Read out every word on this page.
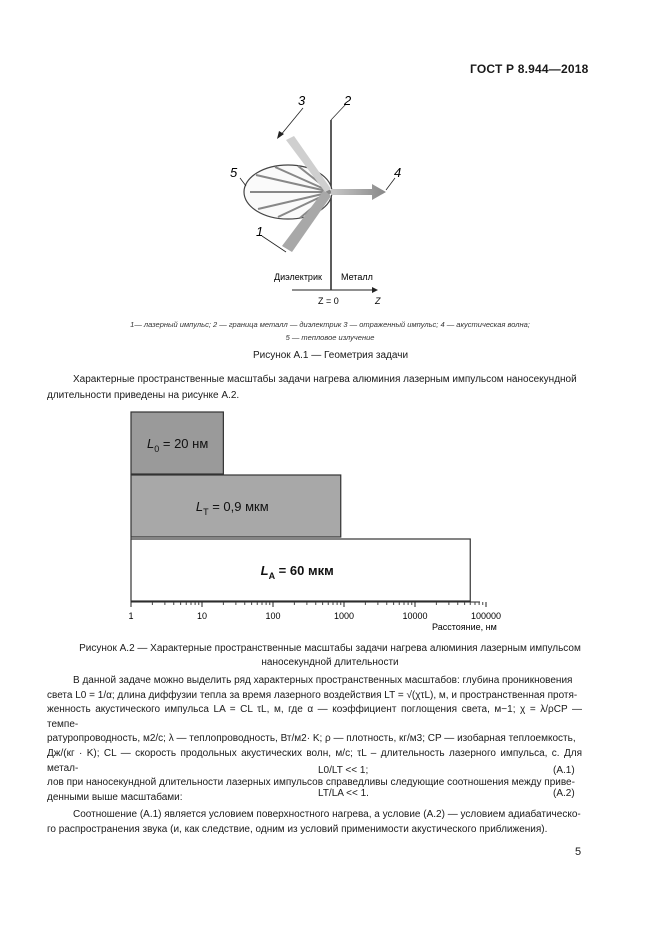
ГОСТ Р 8.944—2018
3	2
5	4
1
Диэлектрик Металл
Z = 0	Z
1— лазерный импульс; 2 — граница металл — диэлектрик 3 — отраженный импульс; 4 — акустическая волна;
5 — тепловое излучение
Рисунок А.1 — Геометрия задачи
Характерные пространственные масштабы задачи нагрева алюминия лазерным импульсом наносекундной
длительности приведены на рисунке А.2.
$L_0 = 20$ нм
$L_T = 0,9$ мкм
$L_A = 60$ мкм
1	10	100	1000	10000	100000
Расстояние, нм
Рисунок А.2 — Характерные пространственные масштабы задачи нагрева алюминия лазерным импульсом
наносекундной длительности
В данной задаче можно выделить ряд характерных пространственных масштабов: глубина проникновения
света L0 = 1/α; длина диффузии тепла за время лазерного воздействия LT = √(χτL), м, и пространственная протя-
женность акустического импульса LA = CL τL, м, где α — коэффициент поглощения света, м−1; χ = λ/ρCP — темпе-
ратуропроводность, м2/с; λ — теплопроводность, Вт/м2· K; ρ — плотность, кг/м3; CP — изобарная теплоемкость,
Дж/(кг · K); CL — скорость продольных акустических волн, м/с; τL – длительность лазерного импульса, с. Для метал-
лов при наносекундной длительности лазерных импульсов справедливы следующие соотношения между приве-
денными выше масштабами:
L0/LT << 1;	(A.1)
LT/LA << 1.	(A.2)
Соотношение (А.1) является условием поверхностного нагрева, а условие (А.2) — условием адиабатическо-
го распространения звука (и, как следствие, одним из условий применимости акустического приближения).
5
